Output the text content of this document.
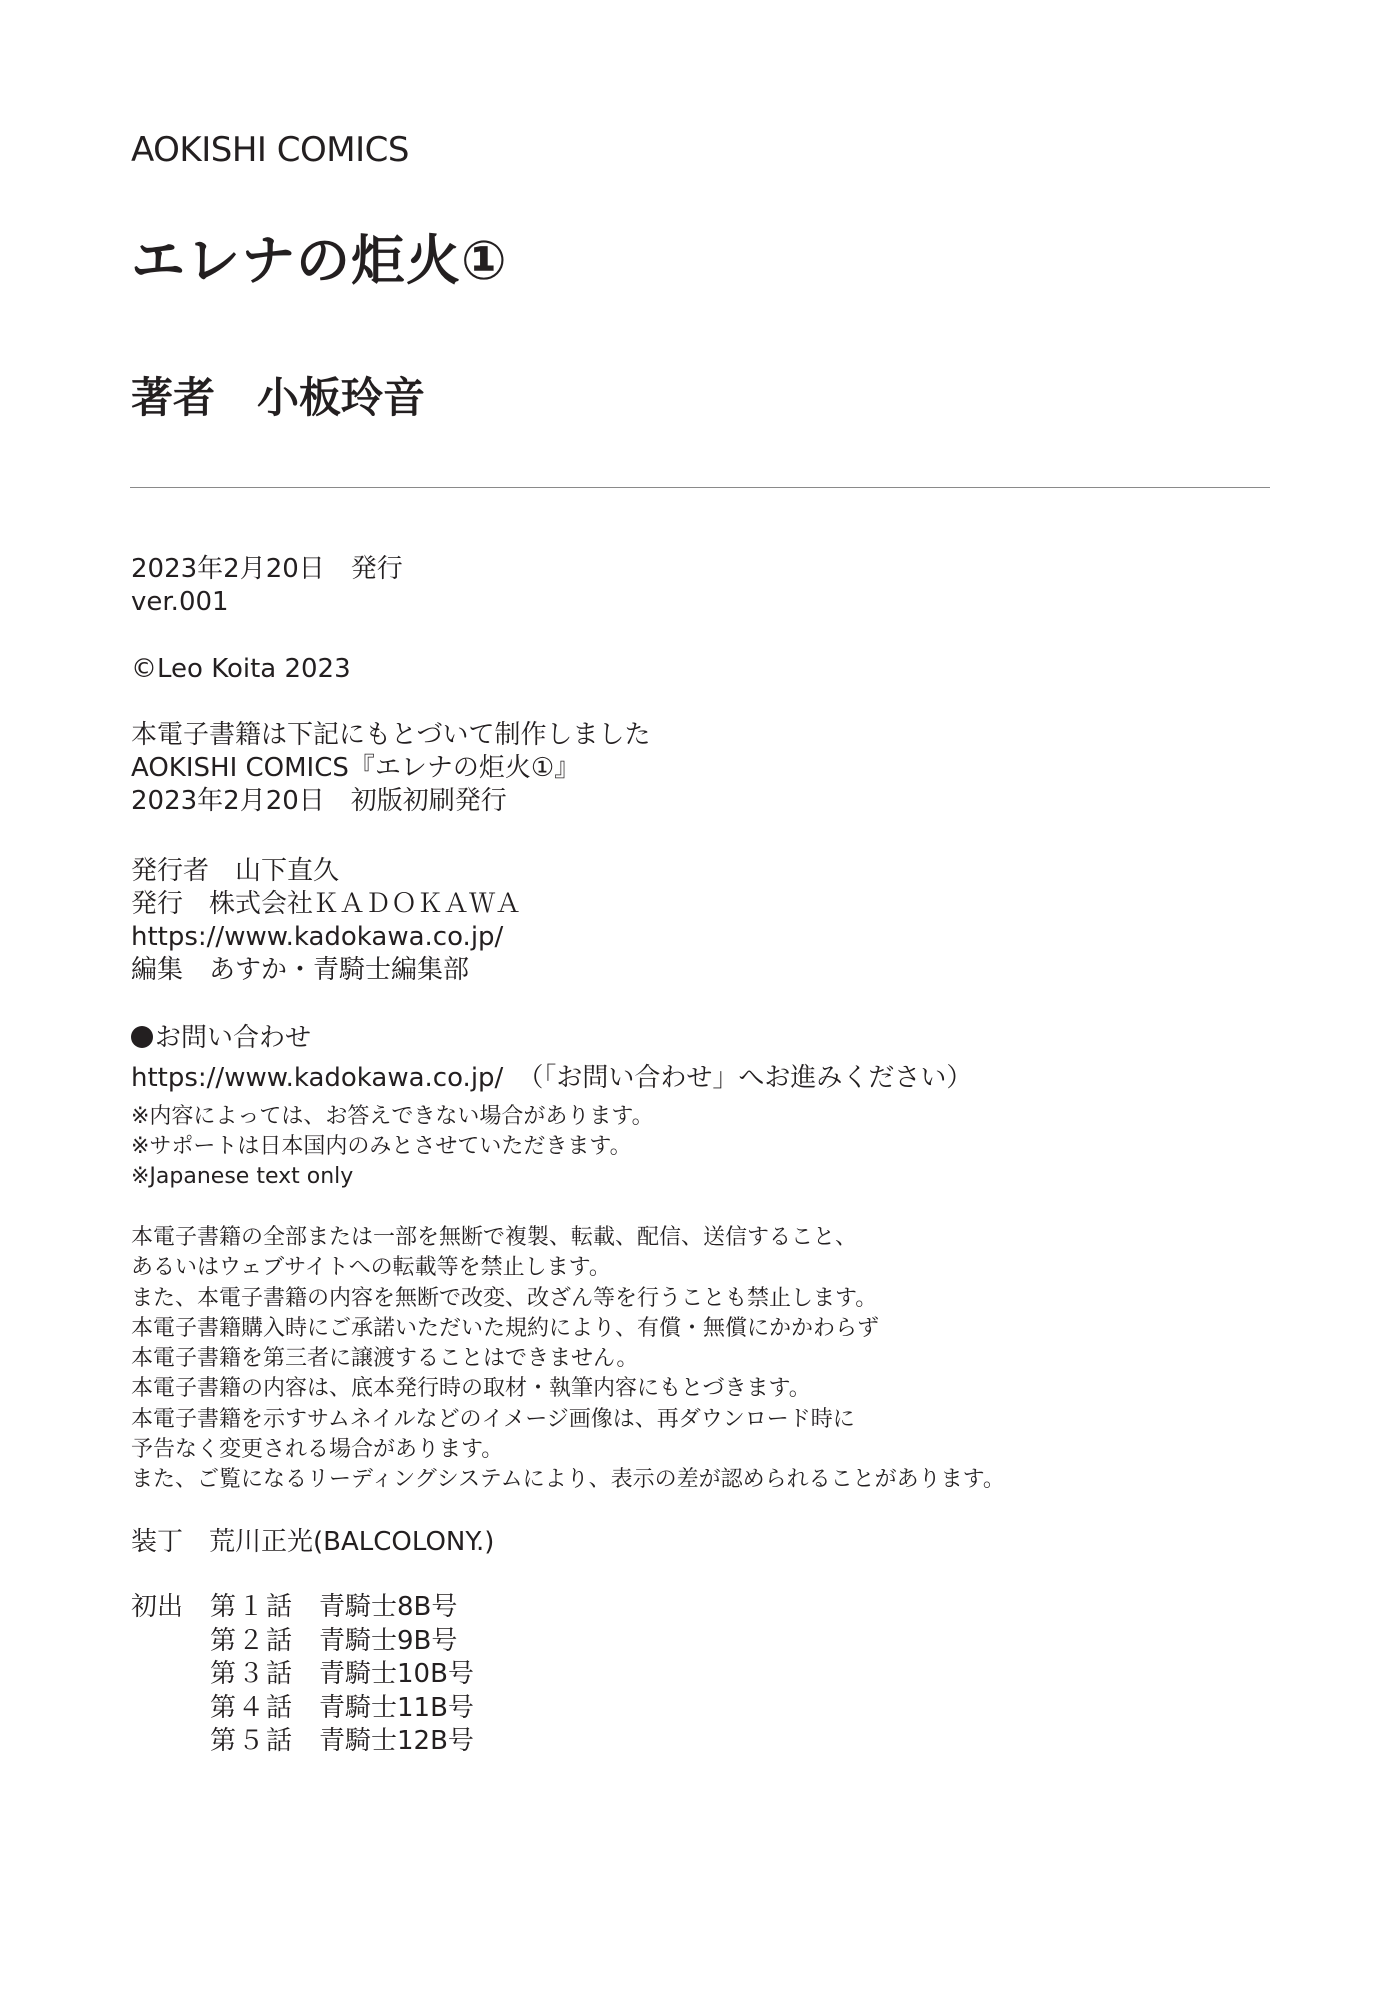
AOKISHI COMICS
エレナの炬火①
著者 小板玲音
2023年2月20日 発行
ver.001
©Leo Koita 2023
本電子書籍は下記にもとづいて制作しました
AOKISHI COMICS『エレナの炬火①』
2023年2月20日 初版初刷発行
発行者 山下直久
発行 株式会社ＫＡＤＯＫＡＷＡ
https://www.kadokawa.co.jp/
編集 あすか・青騎士編集部
お問い合わせ
https://www.kadokawa.co.jp/ （「お問い合わせ」へお進みください）
※内容によっては、お答えできない場合があります。
※サポートは日本国内のみとさせていただきます。
※Japanese text only
本電子書籍の全部または一部を無断で複製、転載、配信、送信すること、
あるいはウェブサイトへの転載等を禁止します。
また、本電子書籍の内容を無断で改変、改ざん等を行うことも禁止します。
本電子書籍購入時にご承諾いただいた規約により、有償・無償にかかわらず
本電子書籍を第三者に譲渡することはできません。
本電子書籍の内容は、底本発行時の取材・執筆内容にもとづきます。
本電子書籍を示すサムネイルなどのイメージ画像は、再ダウンロード時に
予告なく変更される場合があります。
また、ご覧になるリーディングシステムにより、表示の差が認められることがあります。
装丁 荒川正光(BALCOLONY.)
初出 第１話 青騎士8B号
第２話 青騎士9B号
第３話 青騎士10B号
第４話 青騎士11B号
第５話 青騎士12B号
